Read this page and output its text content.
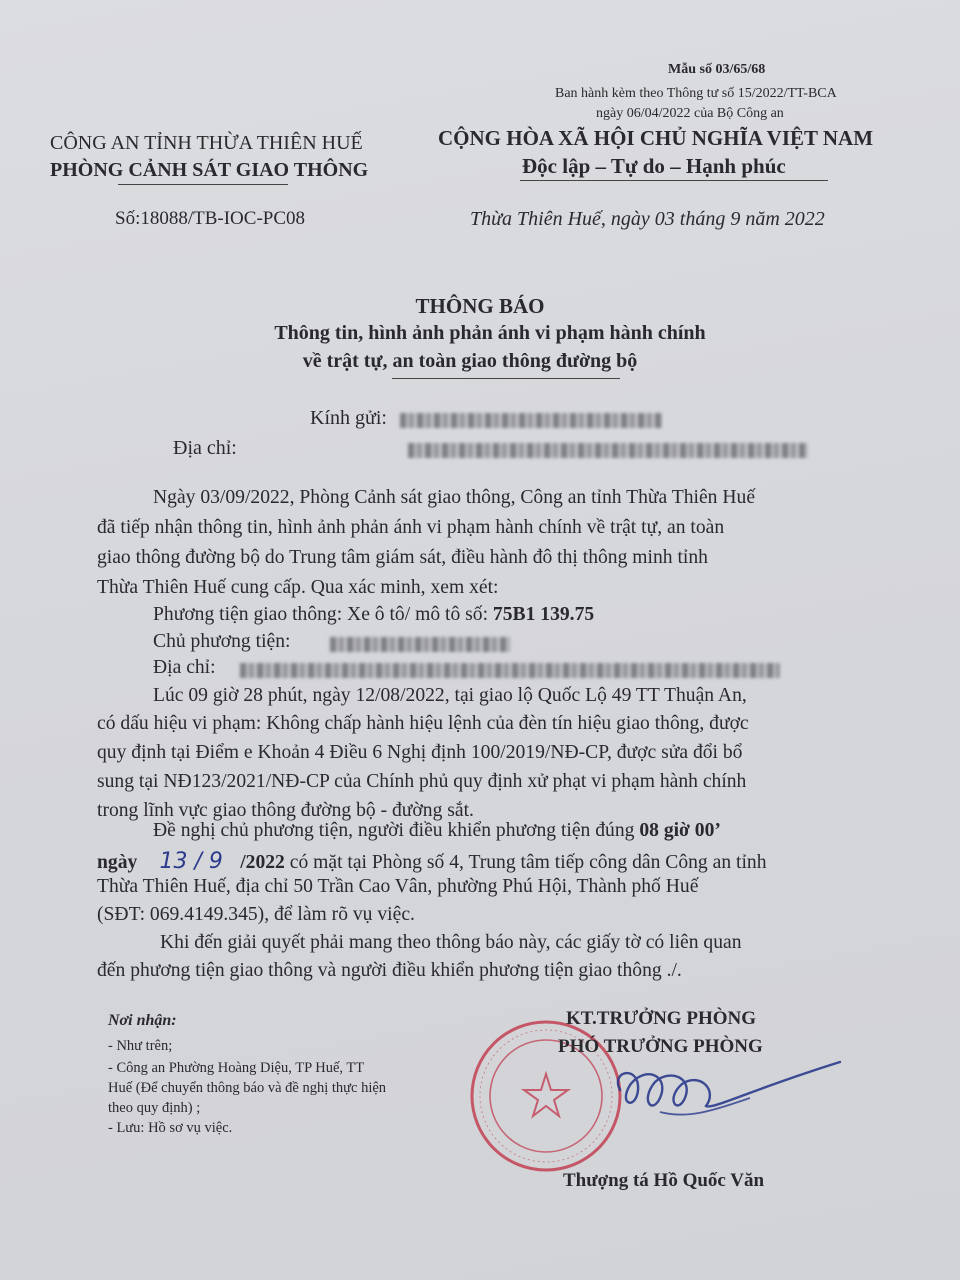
Mẫu số 03/65/68
Ban hành kèm theo Thông tư số 15/2022/TT-BCA
ngày 06/04/2022 của Bộ Công an
CÔNG AN TỈNH THỪA THIÊN HUẾ
PHÒNG CẢNH SÁT GIAO THÔNG
CỘNG HÒA XÃ HỘI CHỦ NGHĨA VIỆT NAM
Độc lập – Tự do – Hạnh phúc
Số:18088/TB-IOC-PC08	Thừa Thiên Huế, ngày 03 tháng 9 năm 2022
THÔNG BÁO
Thông tin, hình ảnh phản ánh vi phạm hành chính
về trật tự, an toàn giao thông đường bộ
Kính gửi:
Địa chỉ:
Ngày 03/09/2022, Phòng Cảnh sát giao thông, Công an tỉnh Thừa Thiên Huế
đã tiếp nhận thông tin, hình ảnh phản ánh vi phạm hành chính về trật tự, an toàn
giao thông đường bộ do Trung tâm giám sát, điều hành đô thị thông minh tỉnh
Thừa Thiên Huế cung cấp. Qua xác minh, xem xét:
Phương tiện giao thông: Xe ô tô/ mô tô số: 75B1 139.75
Chủ phương tiện:
Địa chỉ:
Lúc 09 giờ 28 phút, ngày 12/08/2022, tại giao lộ Quốc Lộ 49 TT Thuận An,
có dấu hiệu vi phạm: Không chấp hành hiệu lệnh của đèn tín hiệu giao thông, được
quy định tại Điểm e Khoản 4 Điều 6 Nghị định 100/2019/NĐ-CP, được sửa đổi bổ
sung tại NĐ123/2021/NĐ-CP của Chính phủ quy định xử phạt vi phạm hành chính
trong lĩnh vực giao thông đường bộ - đường sắt.
Đề nghị chủ phương tiện, người điều khiển phương tiện đúng 08 giờ 00’
ngày 13 / 9 /2022 có mặt tại Phòng số 4, Trung tâm tiếp công dân Công an tỉnh
Thừa Thiên Huế, địa chỉ 50 Trần Cao Vân, phường Phú Hội, Thành phố Huế
(SĐT: 069.4149.345), để làm rõ vụ việc.
Khi đến giải quyết phải mang theo thông báo này, các giấy tờ có liên quan
đến phương tiện giao thông và người điều khiển phương tiện giao thông ./.
Nơi nhận:
- Như trên;
- Công an Phường Hoàng Diệu, TP Huế, TT
Huế (Để chuyển thông báo và đề nghị thực hiện
theo quy định) ;
- Lưu: Hồ sơ vụ việc.
KT.TRƯỞNG PHÒNG
PHÓ TRƯỞNG PHÒNG
Thượng tá Hồ Quốc Văn
